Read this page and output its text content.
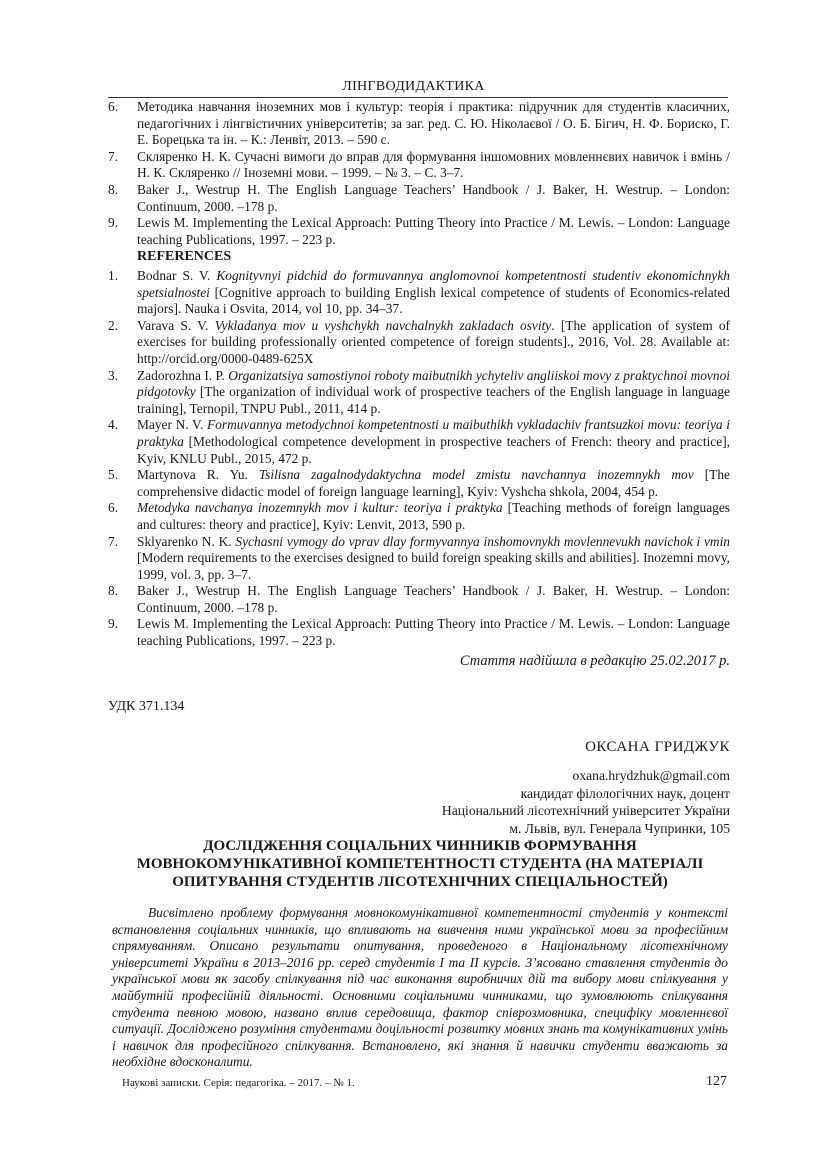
ЛІНГВОДИДАКТИКА
6. Методика навчання іноземних мов і культур: теорія і практика: підручник для студентів класичних, педагогічних і лінгвістичних університетів; за заг. ред. С. Ю. Ніколаєвої / О. Б. Бігич, Н. Ф. Бориско, Г. Е. Борецька та ін. – К.: Ленвіт, 2013. – 590 с.
7. Скляренко Н. К. Сучасні вимоги до вправ для формування іншомовних мовленнєвих навичок і вмінь / Н. К. Скляренко // Іноземні мови. – 1999. – № 3. – С. 3–7.
8. Baker J., Westrup H. The English Language Teachers’ Handbook / J. Baker, H. Westrup. – London: Continuum, 2000. –178 p.
9. Lewis M. Implementing the Lexical Approach: Putting Theory into Practice / M. Lewis. – London: Language teaching Publications, 1997. – 223 p.
REFERENCES
1. Bodnar S. V. Kognityvnyi pidchid do formuvannya anglomovnoi kompetentnosti studentiv ekonomichnykh spetsialnostei [Cognitive approach to building English lexical competence of students of Economics-related majors]. Nauka i Osvita, 2014, vol 10, pp. 34–37.
2. Varava S. V. Vykladanya mov u vyshchykh navchalnykh zakladach osvity. [The application of system of exercises for building professionally oriented competence of foreign students]., 2016, Vol. 28. Available at: http://orcid.org/0000-0489-625X
3. Zadorozhna I. P. Organizatsiya samostiynoi roboty maibutnikh ychyteliv angliiskoi movy z praktychnoi movnoi pidgotovky [The organization of individual work of prospective teachers of the English language in language training], Ternopil, TNPU Publ., 2011, 414 p.
4. Mayer N. V. Formuvannya metodychnoi kompetentnosti u maibuthikh vykladachiv frantsuzkoi movu: teoriya i praktyka [Methodological competence development in prospective teachers of French: theory and practice], Kyiv, KNLU Publ., 2015, 472 p.
5. Martynova R. Yu. Tsilisna zagalnodydaktychna model zmistu navchannya inozemnykh mov [The comprehensive didactic model of foreign language learning], Kyiv: Vyshcha shkola, 2004, 454 p.
6. Metodyka navchanya inozemnykh mov i kultur: teoriya i praktyka [Teaching methods of foreign languages and cultures: theory and practice], Kyiv: Lenvit, 2013, 590 p.
7. Sklyarenko N. K. Sychasni vymogy do vprav dlay formyvannya inshomovnykh movlennevukh navichok i vmin [Modern requirements to the exercises designed to build foreign speaking skills and abilities]. Inozemni movy, 1999, vol. 3, pp. 3–7.
8. Baker J., Westrup H. The English Language Teachers’ Handbook / J. Baker, H. Westrup. – London: Continuum, 2000. –178 p.
9. Lewis M. Implementing the Lexical Approach: Putting Theory into Practice / M. Lewis. – London: Language teaching Publications, 1997. – 223 p.
Стаття надійшла в редакцію 25.02.2017 р.
УДК 371.134
ОКСАНА ГРИДЖУК
oxana.hrydzhuk@gmail.com
кандидат філологічних наук, доцент
Національний лісотехнічний університет України
м. Львів, вул. Генерала Чупринки, 105
ДОСЛІДЖЕННЯ СОЦІАЛЬНИХ ЧИННИКІВ ФОРМУВАННЯ МОВНОКОМУНІКАТИВНОЇ КОМПЕТЕНТНОСТІ СТУДЕНТА (НА МАТЕРІАЛІ ОПИТУВАННЯ СТУДЕНТІВ ЛІСОТЕХНІЧНИХ СПЕЦІАЛЬНОСТЕЙ)
Висвітлено проблему формування мовнокомунікативної компетентності студентів у контексті встановлення соціальних чинників, що впливають на вивчення ними української мови за професійним спрямуванням. Описано результати опитування, проведеного в Національному лісотехнічному університеті України в 2013–2016 рр. серед студентів І та ІІ курсів. З’ясовано ставлення студентів до української мови як засобу спілкування під час виконання виробничих дій та вибору мови спілкування у майбутній професійній діяльності. Основними соціальними чинниками, що зумовлюють спілкування студента певною мовою, названо вплив середовища, фактор співрозмовника, специфіку мовленнєвої ситуації. Досліджено розуміння студентами доцільності розвитку мовних знань та комунікативних умінь і навичок для професійного спілкування. Встановлено, які знання й навички студенти вважають за необхідне вдосконалити.
Наукові записки. Серія: педагогіка. – 2017. – № 1.	127
